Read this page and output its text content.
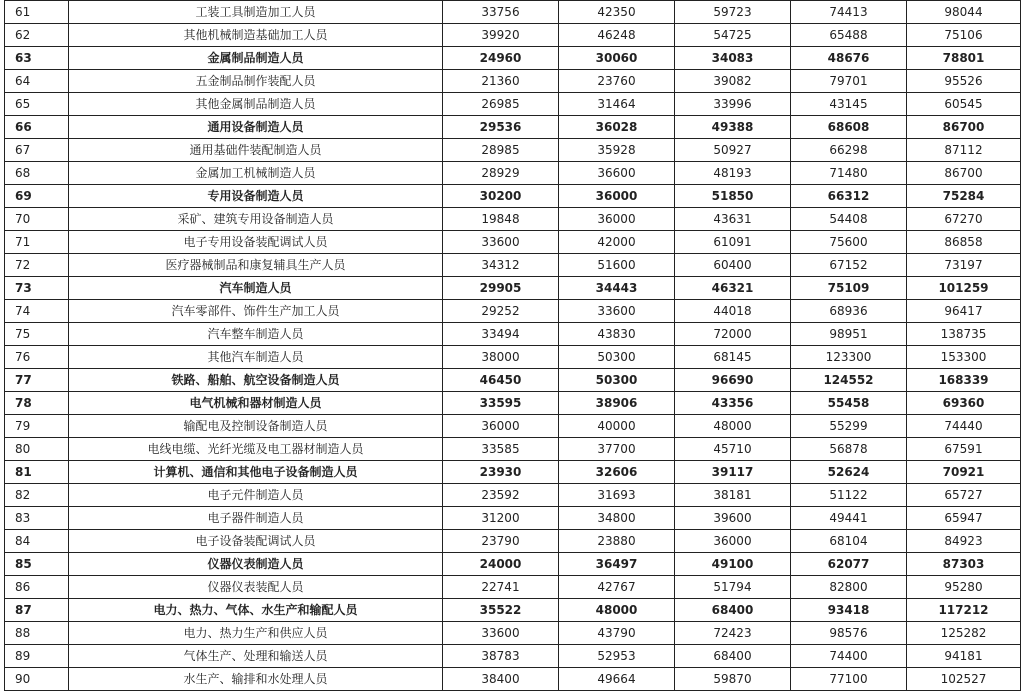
61	工装工具制造加工人员	33756	42350	59723	74413	98044
62	其他机械制造基础加工人员	39920	46248	54725	65488	75106
63	金属制品制造人员	24960	30060	34083	48676	78801
64	五金制品制作装配人员	21360	23760	39082	79701	95526
65	其他金属制品制造人员	26985	31464	33996	43145	60545
66	通用设备制造人员	29536	36028	49388	68608	86700
67	通用基础件装配制造人员	28985	35928	50927	66298	87112
68	金属加工机械制造人员	28929	36600	48193	71480	86700
69	专用设备制造人员	30200	36000	51850	66312	75284
70	采矿、建筑专用设备制造人员	19848	36000	43631	54408	67270
71	电子专用设备装配调试人员	33600	42000	61091	75600	86858
72	医疗器械制品和康复辅具生产人员	34312	51600	60400	67152	73197
73	汽车制造人员	29905	34443	46321	75109	101259
74	汽车零部件、饰件生产加工人员	29252	33600	44018	68936	96417
75	汽车整车制造人员	33494	43830	72000	98951	138735
76	其他汽车制造人员	38000	50300	68145	123300	153300
77	铁路、船舶、航空设备制造人员	46450	50300	96690	124552	168339
78	电气机械和器材制造人员	33595	38906	43356	55458	69360
79	输配电及控制设备制造人员	36000	40000	48000	55299	74440
80	电线电缆、光纤光缆及电工器材制造人员	33585	37700	45710	56878	67591
81	计算机、通信和其他电子设备制造人员	23930	32606	39117	52624	70921
82	电子元件制造人员	23592	31693	38181	51122	65727
83	电子器件制造人员	31200	34800	39600	49441	65947
84	电子设备装配调试人员	23790	23880	36000	68104	84923
85	仪器仪表制造人员	24000	36497	49100	62077	87303
86	仪器仪表装配人员	22741	42767	51794	82800	95280
87	电力、热力、气体、水生产和输配人员	35522	48000	68400	93418	117212
88	电力、热力生产和供应人员	33600	43790	72423	98576	125282
89	气体生产、处理和输送人员	38783	52953	68400	74400	94181
90	水生产、输排和水处理人员	38400	49664	59870	77100	102527
